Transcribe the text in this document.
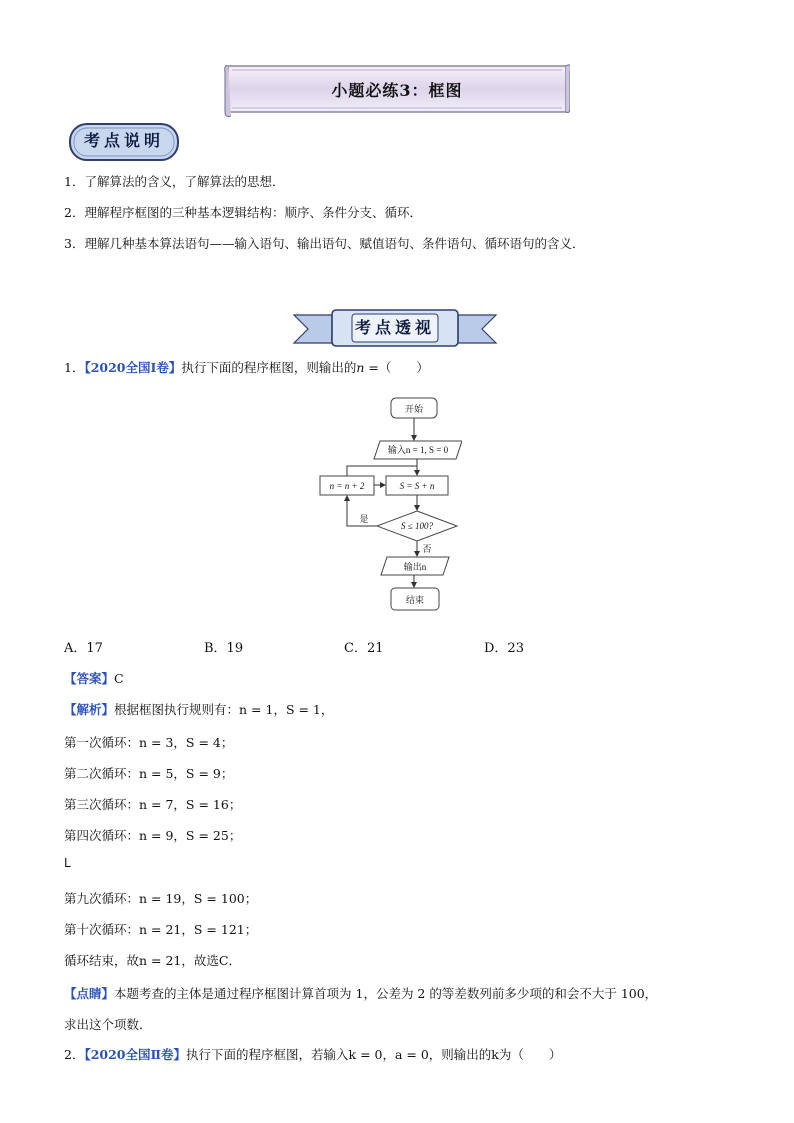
小题必练3：框图
考点说明
1．了解算法的含义，了解算法的思想．
2．理解程序框图的三种基本逻辑结构：顺序、条件分支、循环．
3．理解几种基本算法语句——输入语句、输出语句、赋值语句、条件语句、循环语句的含义．
考点透视
1．【2020全国Ⅰ卷】执行下面的程序框图，则输出的n =（　　）
开始
输入n = 1, S = 0
n = n + 2	S = S + n
S ≤ 100?
是
否
输出n
结束
A．17	B．19	C．21	D．23
【答案】C
【解析】根据框图执行规则有：n = 1，S = 1，
第一次循环：n = 3，S = 4；
第二次循环：n = 5，S = 9；
第三次循环：n = 7，S = 16；
第四次循环：n = 9，S = 25；
L
第九次循环：n = 19，S = 100；
第十次循环：n = 21，S = 121；
循环结束，故n = 21，故选C．
【点睛】本题考查的主体是通过程序框图计算首项为 1，公差为 2 的等差数列前多少项的和会不大于 100，
求出这个项数．
2．【2020全国Ⅱ卷】执行下面的程序框图，若输入k = 0，a = 0，则输出的k为（　　）
